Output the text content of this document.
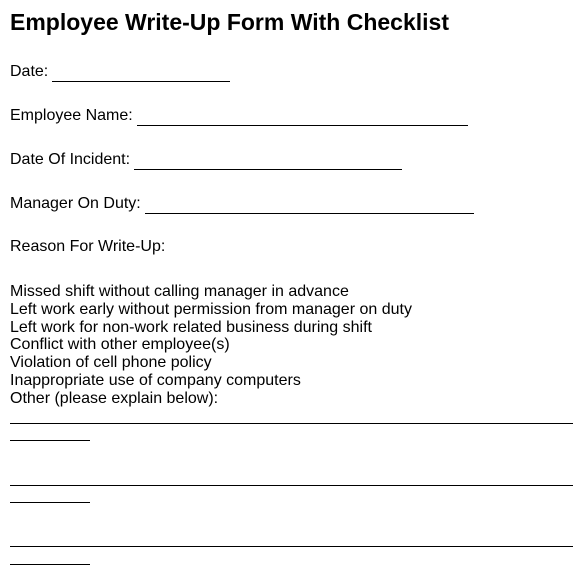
Employee Write-Up Form With Checklist
Date:
Employee Name:
Date Of Incident:
Manager On Duty:
Reason For Write-Up:
Missed shift without calling manager in advance
Left work early without permission from manager on duty
Left work for non-work related business during shift
Conflict with other employee(s)
Violation of cell phone policy
Inappropriate use of company computers
Other (please explain below):
